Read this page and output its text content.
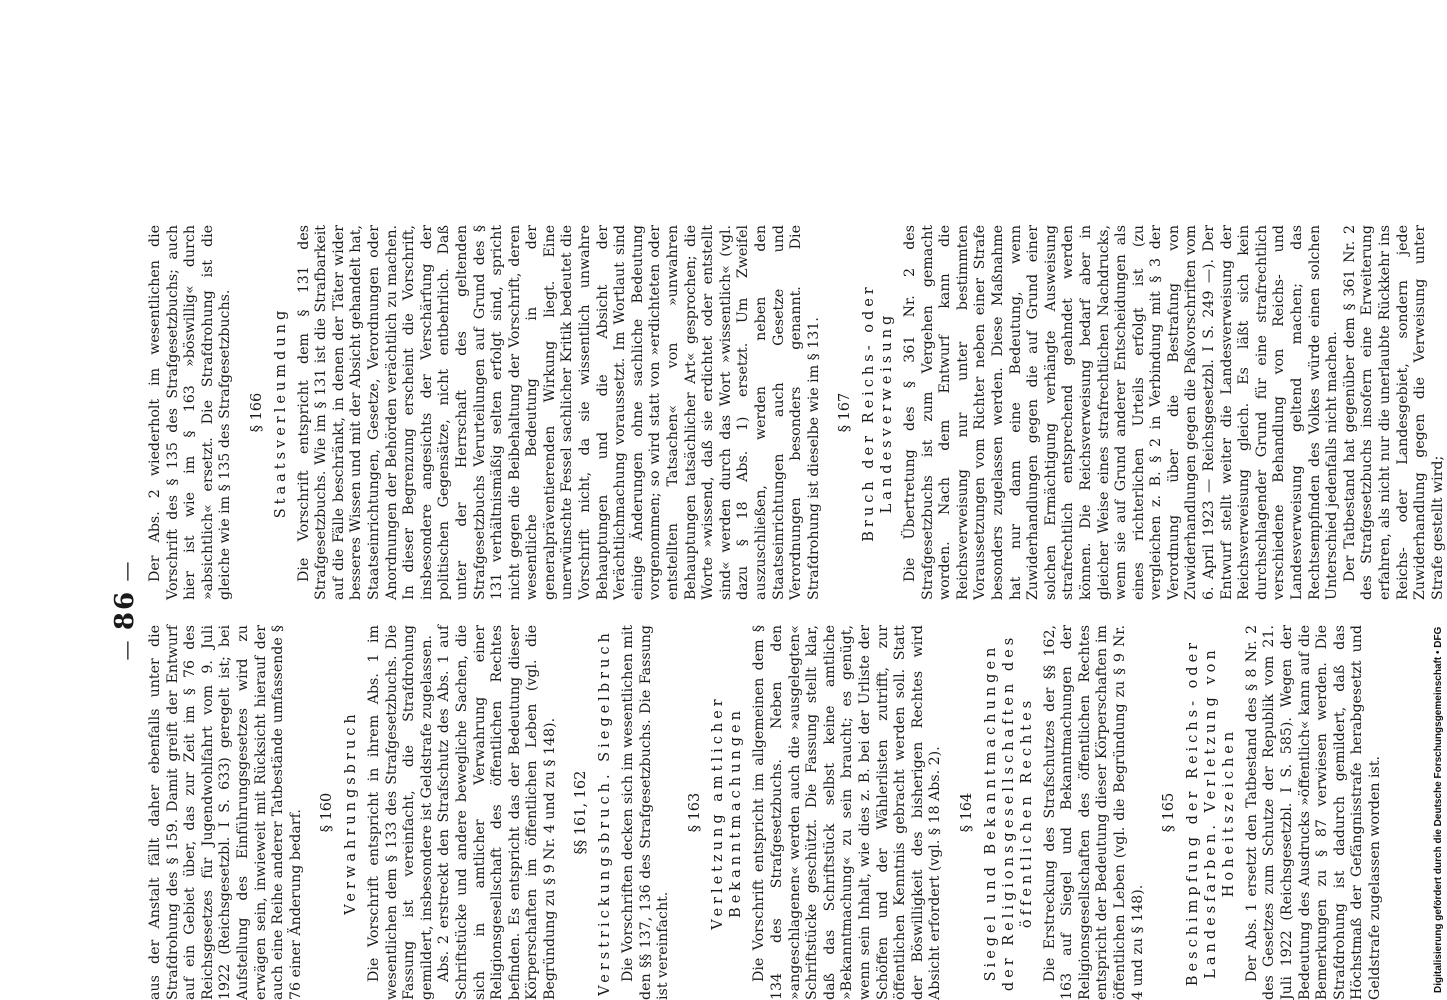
— 86 —
aus der Anstalt fällt daher ebenfalls unter die Strafdrohung des § 159. Damit greift der Entwurf auf ein Gebiet über, das zur Zeit im § 76 des Reichsgesetzes für Jugendwohlfahrt vom 9. Juli 1922 (Reichsgesetzbl. I S. 633) geregelt ist; bei Aufstellung des Einführungsgesetzes wird zu erwägen sein, inwieweit mit Rücksicht hierauf der auch eine Reihe anderer Tatbestände umfassende § 76 einer Änderung bedarf. § 160 Verwahrungsbruch Die Vorschrift entspricht in ihrem Abs. 1 im wesentlichen dem § 133 des Strafgesetzbuchs. Die Fassung ist vereinfacht, die Strafdrohung gemildert, insbesondere ist Geldstrafe zugelassen. Abs. 2 erstreckt den Strafschutz des Abs. 1 auf Schriftstücke und andere bewegliche Sachen, die sich in amtlicher Verwahrung einer Religionsgesellschaft des öffentlichen Rechtes befinden. Es entspricht das der Bedeutung dieser Körperschaften im öffentlichen Leben (vgl. die Begründung zu § 9 Nr. 4 und zu § 148). §§ 161, 162 Verstrickungsbruch. Siegelbruch Die Vorschriften decken sich im wesentlichen mit den §§ 137, 136 des Strafgesetzbuchs. Die Fassung ist vereinfacht.
§ 163 Verletzung amtlicher Bekanntmachungen Die Vorschrift entspricht im allgemeinen dem § 134 des Strafgesetzbuchs. Neben den »angeschlagenen« werden auch die »ausgelegten« Schriftstücke geschützt. Die Fassung stellt klar, daß das Schriftstück selbst keine amtliche »Bekanntmachung« zu sein braucht; es genügt, wenn sein Inhalt, wie dies z. B. bei der Urliste der Schöffen und der Wählerlisten zutrifft, zur öffentlichen Kenntnis gebracht werden soll. Statt der Böswilligkeit des bisherigen Rechtes wird Absicht erfordert (vgl. § 18 Abs. 2). § 164 Siegel und Bekanntmachungen der Religionsgesellschaften des öffentlichen Rechtes Die Erstreckung des Strafschutzes der §§ 162, 163 auf Siegel und Bekanntmachungen der Religionsgesellschaften des öffentlichen Rechtes entspricht der Bedeutung dieser Körperschaften im öffentlichen Leben (vgl. die Begründung zu § 9 Nr. 4 und zu § 148).
§ 165 Beschimpfung der Reichs- oder Landesfarben. Verletzung von Hoheitszeichen Der Abs. 1 ersetzt den Tatbestand des § 8 Nr. 2 des Gesetzes zum Schutze der Republik vom 21. Juli 1922 (Reichsgesetzbl. I S. 585). Wegen der Bedeutung des Ausdrucks »öffentlich« kann auf die Bemerkungen zu § 87 verwiesen werden. Die Strafdrohung ist dadurch gemildert, daß das Höchstmaß der Gefängnisstrafe herabgesetzt und Geldstrafe zugelassen worden ist.
Der Abs. 2 wiederholt im wesentlichen die Vorschrift des § 135 des Strafgesetzbuchs; auch hier ist wie im § 163 »böswillig« durch »absichtlich« ersetzt. Die Strafdrohung ist die gleiche wie im § 135 des Strafgesetzbuchs. § 166 Staatsverleumdung Die Vorschrift entspricht dem § 131 des Strafgesetzbuchs. Wie im § 131 ist die Strafbarkeit auf die Fälle beschränkt, in denen der Täter wider besseres Wissen und mit der Absicht gehandelt hat, Staatseinrichtungen, Gesetze, Verordnungen oder Anordnungen der Behörden verächtlich zu machen. In dieser Begrenzung erscheint die Vorschrift, insbesondere angesichts der Verschärfung der politischen Gegensätze, nicht entbehrlich. Daß unter der Herrschaft des geltenden Strafgesetzbuchs Verurteilungen auf Grund des § 131 verhältnismäßig selten erfolgt sind, spricht nicht gegen die Beibehaltung der Vorschrift, deren wesentliche Bedeutung in der generalpräventierenden Wirkung liegt. Eine unerwünschte Fessel sachlicher Kritik bedeutet die Vorschrift nicht, da sie wissentlich unwahre Behauptungen und die Absicht der Verächtlichmachung voraussetzt. Im Wortlaut sind einige Änderungen ohne sachliche Bedeutung vorgenommen; so wird statt von »erdichteten oder entstellten Tatsachen« von »unwahren Behauptungen tatsächlicher Art« gesprochen; die Worte »wissend, daß sie erdichtet oder entstellt sind« werden durch das Wort »wissentlich« (vgl. dazu § 18 Abs. 1) ersetzt. Um Zweifel auszuschließen, werden neben den Staatseinrichtungen auch Gesetze und Verordnungen besonders genannt. Die Strafdrohung ist dieselbe wie im § 131. § 167 Bruch der Reichs- oder Landesverweisung Die Übertretung des § 361 Nr. 2 des Strafgesetzbuchs ist zum Vergehen gemacht worden. Nach dem Entwurf kann die Reichsverweisung nur unter bestimmten Voraussetzungen vom Richter neben einer Strafe besonders zugelassen werden. Diese Maßnahme hat nur dann eine Bedeutung, wenn Zuwiderhandlungen gegen die auf Grund einer solchen Ermächtigung verhängte Ausweisung strafrechtlich entsprechend geahndet werden können. Die Reichsverweisung bedarf aber in gleicher Weise eines strafrechtlichen Nachdrucks, wenn sie auf Grund anderer Entscheidungen als eines richterlichen Urteils erfolgt ist (zu vergleichen z. B. § 2 in Verbindung mit § 3 der Verordnung über die Bestrafung von Zuwiderhandlungen gegen die Paßvorschriften vom 6. April 1923 — Reichsgesetzbl. I S. 249 —). Der Entwurf stellt weiter die Landesverweisung der Reichsverweisung gleich. Es läßt sich kein durchschlagender Grund für eine strafrechtlich verschiedene Behandlung von Reichs- und Landesverweisung geltend machen; das Rechtsempfinden des Volkes würde einen solchen Unterschied jedenfalls nicht machen. Der Tatbestand hat gegenüber dem § 361 Nr. 2 des Strafgesetzbuchs insofern eine Erweiterung erfahren, als nicht nur die unerlaubte Rückkehr ins Reichs- oder Landesgebiet, sondern jede Zuwiderhandlung gegen die Verweisung unter Strafe gestellt wird;
Digitalisierung gefördert durch die Deutsche Forschungsgemeinschaft • DFG
